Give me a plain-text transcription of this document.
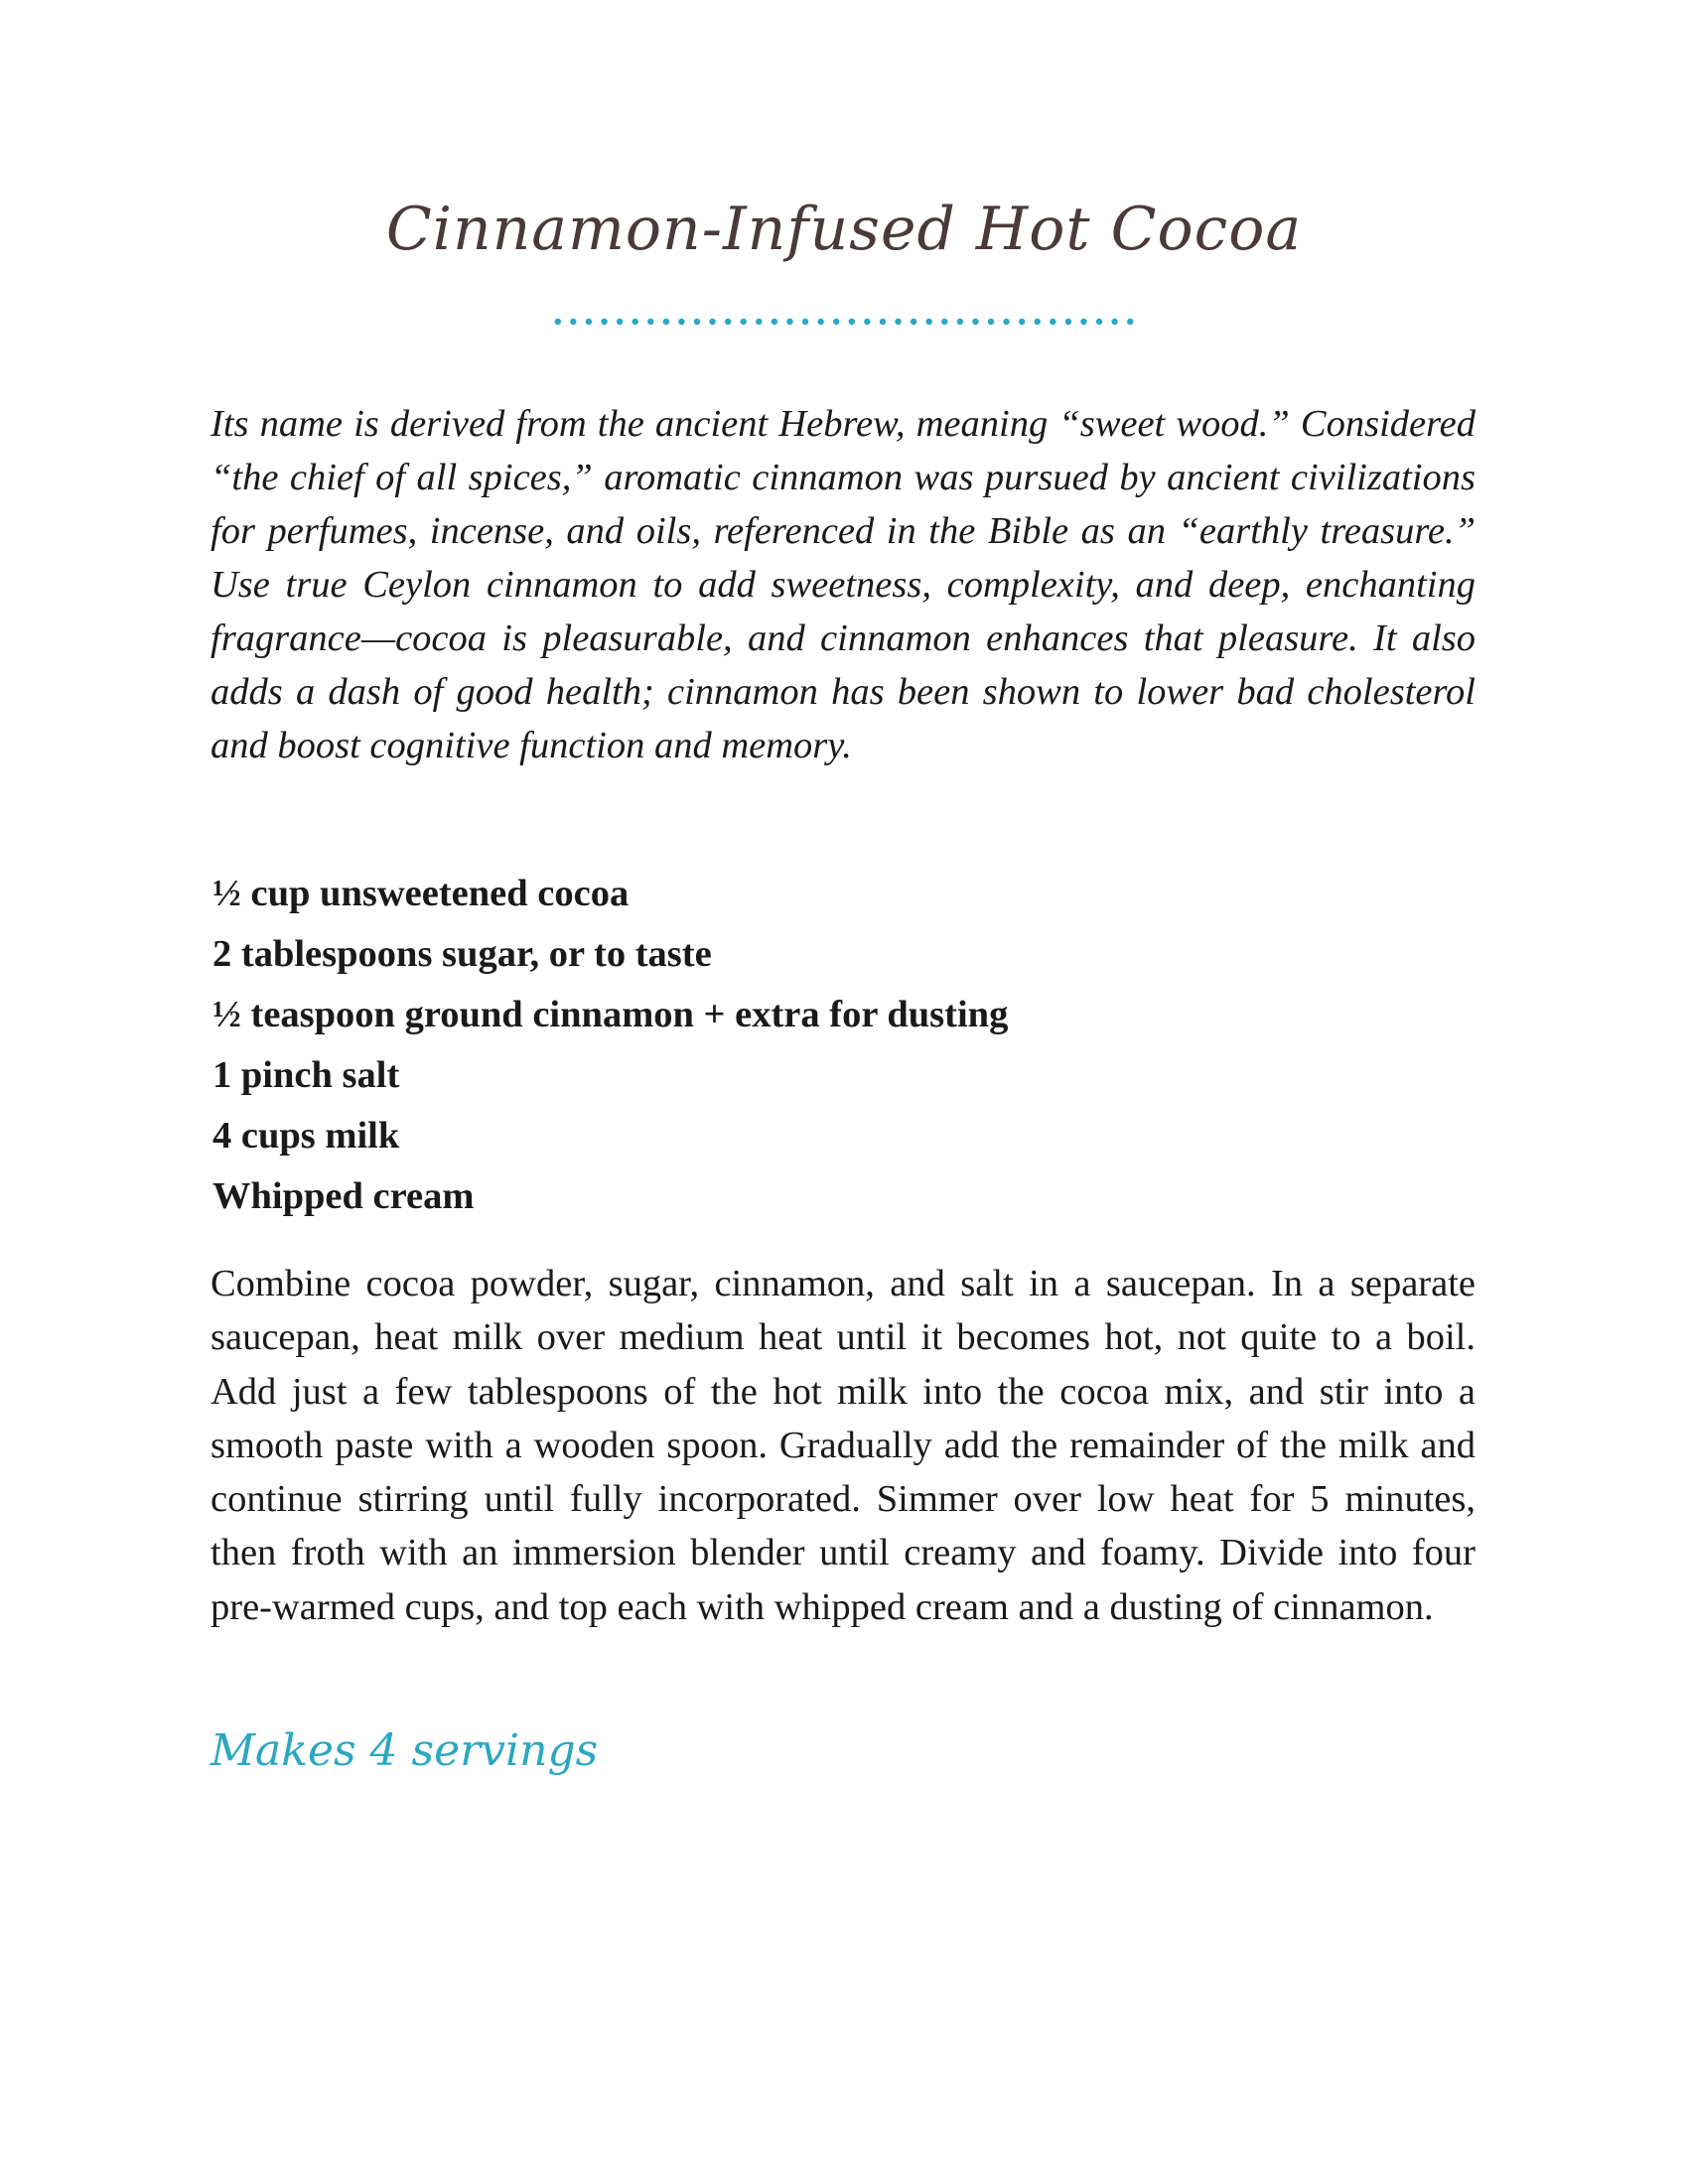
Cinnamon-Infused Hot Cocoa

Its name is derived from the ancient Hebrew, meaning “sweet wood.” Considered “the chief of all spices,” aromatic cinnamon was pursued by ancient civilizations for perfumes, incense, and oils, referenced in the Bible as an “earthly treasure.” Use true Ceylon cinnamon to add sweetness, complexity, and deep, enchanting fragrance—cocoa is pleasurable, and cinnamon enhances that pleasure. It also adds a dash of good health; cinnamon has been shown to lower bad cholesterol and boost cognitive function and memory.

½ cup unsweetened cocoa
2 tablespoons sugar, or to taste
½ teaspoon ground cinnamon + extra for dusting
1 pinch salt
4 cups milk
Whipped cream

Combine cocoa powder, sugar, cinnamon, and salt in a saucepan. In a separate saucepan, heat milk over medium heat until it becomes hot, not quite to a boil. Add just a few tablespoons of the hot milk into the cocoa mix, and stir into a smooth paste with a wooden spoon. Gradually add the remainder of the milk and continue stirring until fully incorporated. Simmer over low heat for 5 minutes, then froth with an immersion blender until creamy and foamy. Divide into four pre-warmed cups, and top each with whipped cream and a dusting of cinnamon.

Makes 4 servings
